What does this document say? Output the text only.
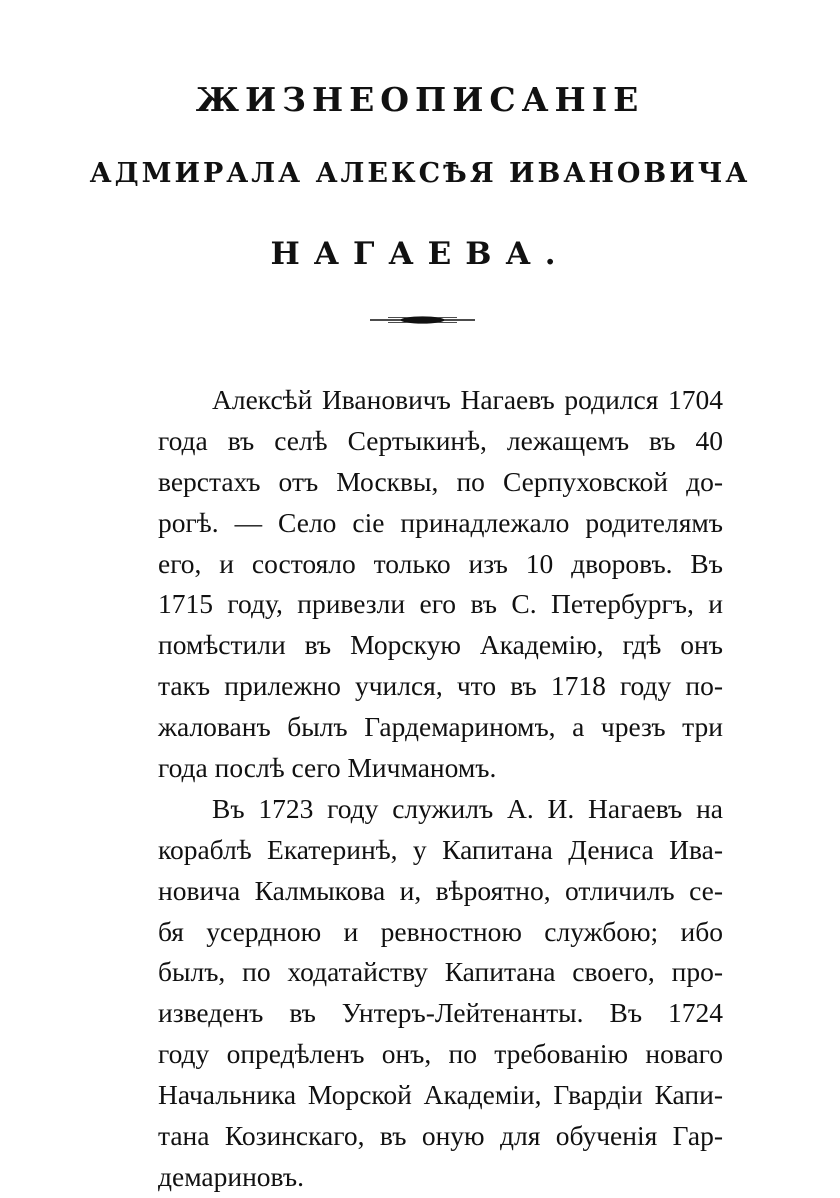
ЖИЗНЕОПИСАНІЕ
АДМИРАЛА АЛЕКСѢЯ ИВАНОВИЧА
НАГАЕВА.
Алексѣй Ивановичъ Нагаевъ родился 1704
года въ селѣ Сертыкинѣ, лежащемъ въ 40
верстахъ отъ Москвы, по Серпуховской до-
рогѣ. — Село сіе принадлежало родителямъ
его, и состояло только изъ 10 дворовъ. Въ
1715 году, привезли его въ С. Петербургъ, и
помѣстили въ Морскую Академію, гдѣ онъ
такъ прилежно учился, что въ 1718 году по-
жалованъ былъ Гардемариномъ, а чрезъ три
года послѣ сего Мичманомъ.
Въ 1723 году служилъ А. И. Нагаевъ на
кораблѣ Екатеринѣ, у Капитана Дениса Ива-
новича Калмыкова и, вѣроятно, отличилъ се-
бя усердною и ревностною службою; ибо
былъ, по ходатайству Капитана своего, про-
изведенъ въ Унтеръ-Лейтенанты. Въ 1724
году опредѣленъ онъ, по требованію новаго
Начальника Морской Академіи, Гвардіи Капи-
тана Козинскаго, въ оную для обученія Гар-
демариновъ.
